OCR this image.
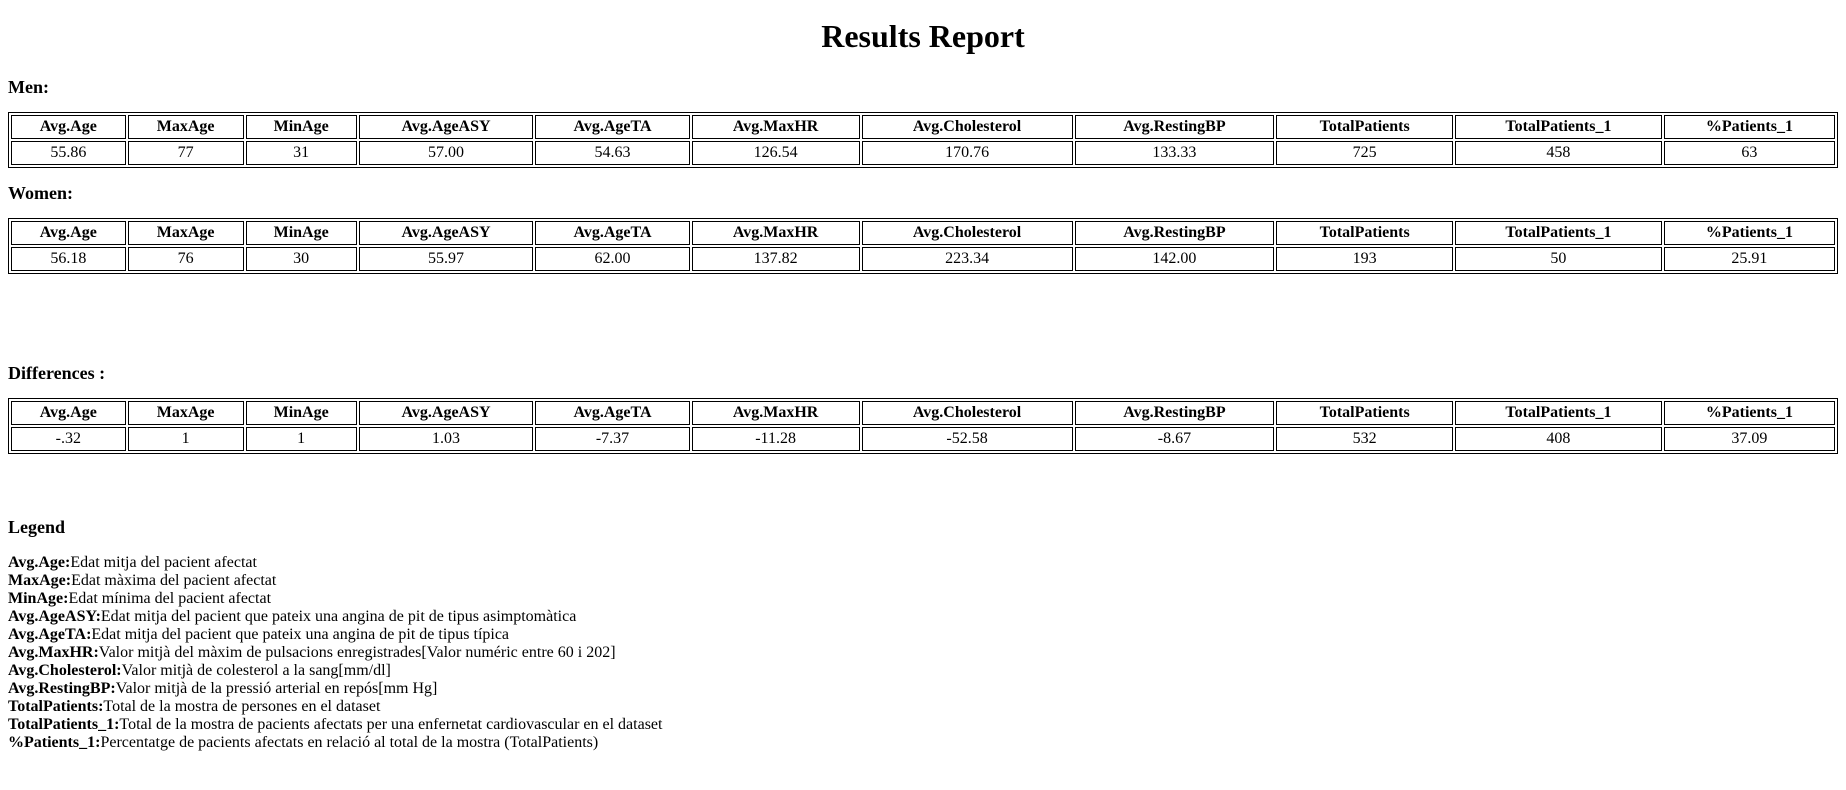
Results Report
Men:
Avg.Age	MaxAge	MinAge	Avg.AgeASY	Avg.AgeTA	Avg.MaxHR	Avg.Cholesterol	Avg.RestingBP	TotalPatients	TotalPatients_1	%Patients_1
55.86	77	31	57.00	54.63	126.54	170.76	133.33	725	458	63
Women:
Avg.Age	MaxAge	MinAge	Avg.AgeASY	Avg.AgeTA	Avg.MaxHR	Avg.Cholesterol	Avg.RestingBP	TotalPatients	TotalPatients_1	%Patients_1
56.18	76	30	55.97	62.00	137.82	223.34	142.00	193	50	25.91
Differences :
Avg.Age	MaxAge	MinAge	Avg.AgeASY	Avg.AgeTA	Avg.MaxHR	Avg.Cholesterol	Avg.RestingBP	TotalPatients	TotalPatients_1	%Patients_1
-.32	1	1	1.03	-7.37	-11.28	-52.58	-8.67	532	408	37.09
Legend
Avg.Age:Edat mitja del pacient afectat
MaxAge:Edat màxima del pacient afectat
MinAge:Edat mínima del pacient afectat
Avg.AgeASY:Edat mitja del pacient que pateix una angina de pit de tipus asimptomàtica
Avg.AgeTA:Edat mitja del pacient que pateix una angina de pit de tipus típica
Avg.MaxHR:Valor mitjà del màxim de pulsacions enregistrades[Valor numéric entre 60 i 202]
Avg.Cholesterol:Valor mitjà de colesterol a la sang[mm/dl]
Avg.RestingBP:Valor mitjà de la pressió arterial en repós[mm Hg]
TotalPatients:Total de la mostra de persones en el dataset
TotalPatients_1:Total de la mostra de pacients afectats per una enfernetat cardiovascular en el dataset
%Patients_1:Percentatge de pacients afectats en relació al total de la mostra (TotalPatients)
